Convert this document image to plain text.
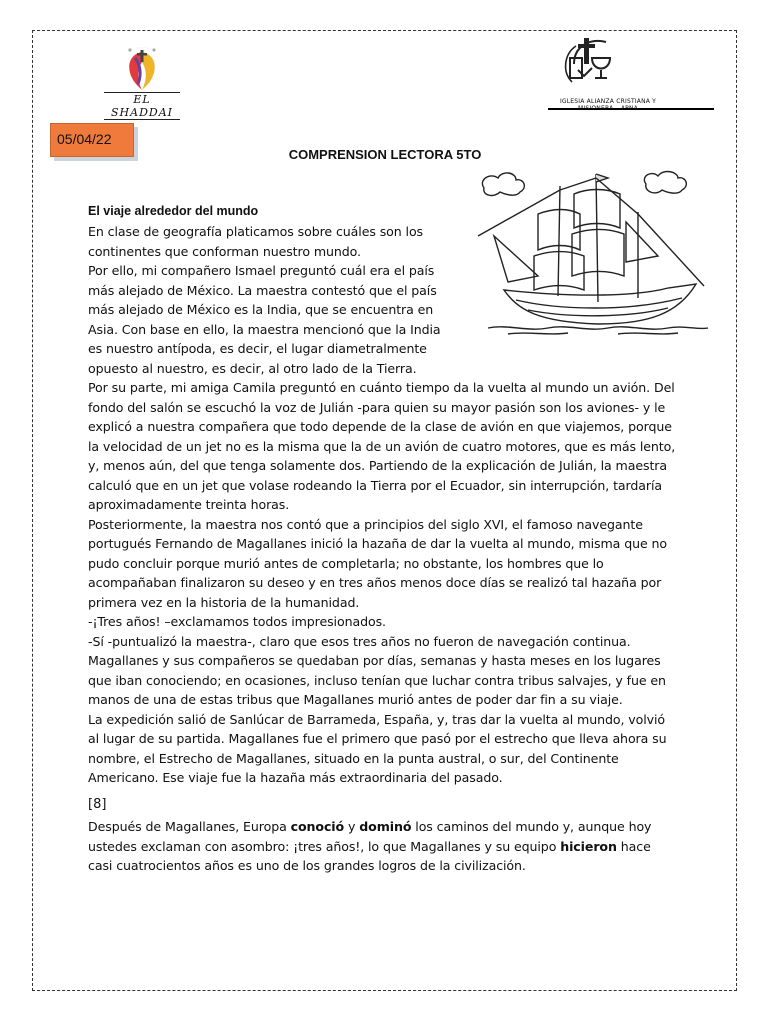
· · · · · ·
EL SHADDAI
IGLESIA ALIANZA CRISTIANA Y
05/04/22
COMPRENSION LECTORA 5TO
El viaje alrededor del mundo

En clase de geografía platicamos sobre cuáles son los

continentes que conforman nuestro mundo.

Por ello, mi compañero Ismael preguntó cuál era el país

más alejado de México. La maestra contestó que el país

más alejado de México es la India, que se encuentra en

Asia. Con base en ello, la maestra mencionó que la India

es nuestro antípoda, es decir, el lugar diametralmente

opuesto al nuestro, es decir, al otro lado de la Tierra.

Por su parte, mi amiga Camila preguntó en cuánto tiempo da la vuelta al mundo un avión. Del

fondo del salón se escuchó la voz de Julián -para quien su mayor pasión son los aviones- y le

explicó a nuestra compañera que todo depende de la clase de avión en que viajemos, porque

la velocidad de un jet no es la misma que la de un avión de cuatro motores, que es más lento,

y, menos aún, del que tenga solamente dos. Partiendo de la explicación de Julián, la maestra

calculó que en un jet que volase rodeando la Tierra por el Ecuador, sin interrupción, tardaría

aproximadamente treinta horas.

Posteriormente, la maestra nos contó que a principios del siglo XVI, el famoso navegante

portugués Fernando de Magallanes inició la hazaña de dar la vuelta al mundo, misma que no

pudo concluir porque murió antes de completarla; no obstante, los hombres que lo

acompañaban finalizaron su deseo y en tres años menos doce días se realizó tal hazaña por

primera vez en la historia de la humanidad.

-¡Tres años! –exclamamos todos impresionados.

-Sí -puntualizó la maestra-, claro que esos tres años no fueron de navegación continua.

Magallanes y sus compañeros se quedaban por días, semanas y hasta meses en los lugares

que iban conociendo; en ocasiones, incluso tenían que luchar contra tribus salvajes, y fue en

manos de una de estas tribus que Magallanes murió antes de poder dar fin a su viaje.

La expedición salió de Sanlúcar de Barrameda, España, y, tras dar la vuelta al mundo, volvió

al lugar de su partida. Magallanes fue el primero que pasó por el estrecho que lleva ahora su

nombre, el Estrecho de Magallanes, situado en la punta austral, o sur, del Continente

Americano. Ese viaje fue la hazaña más extraordinaria del pasado.

[8]

Después de Magallanes, Europa conoció y dominó los caminos del mundo y, aunque hoy

ustedes exclaman con asombro: ¡tres años!, lo que Magallanes y su equipo hicieron hace

casi cuatrocientos años es uno de los grandes logros de la civilización.
